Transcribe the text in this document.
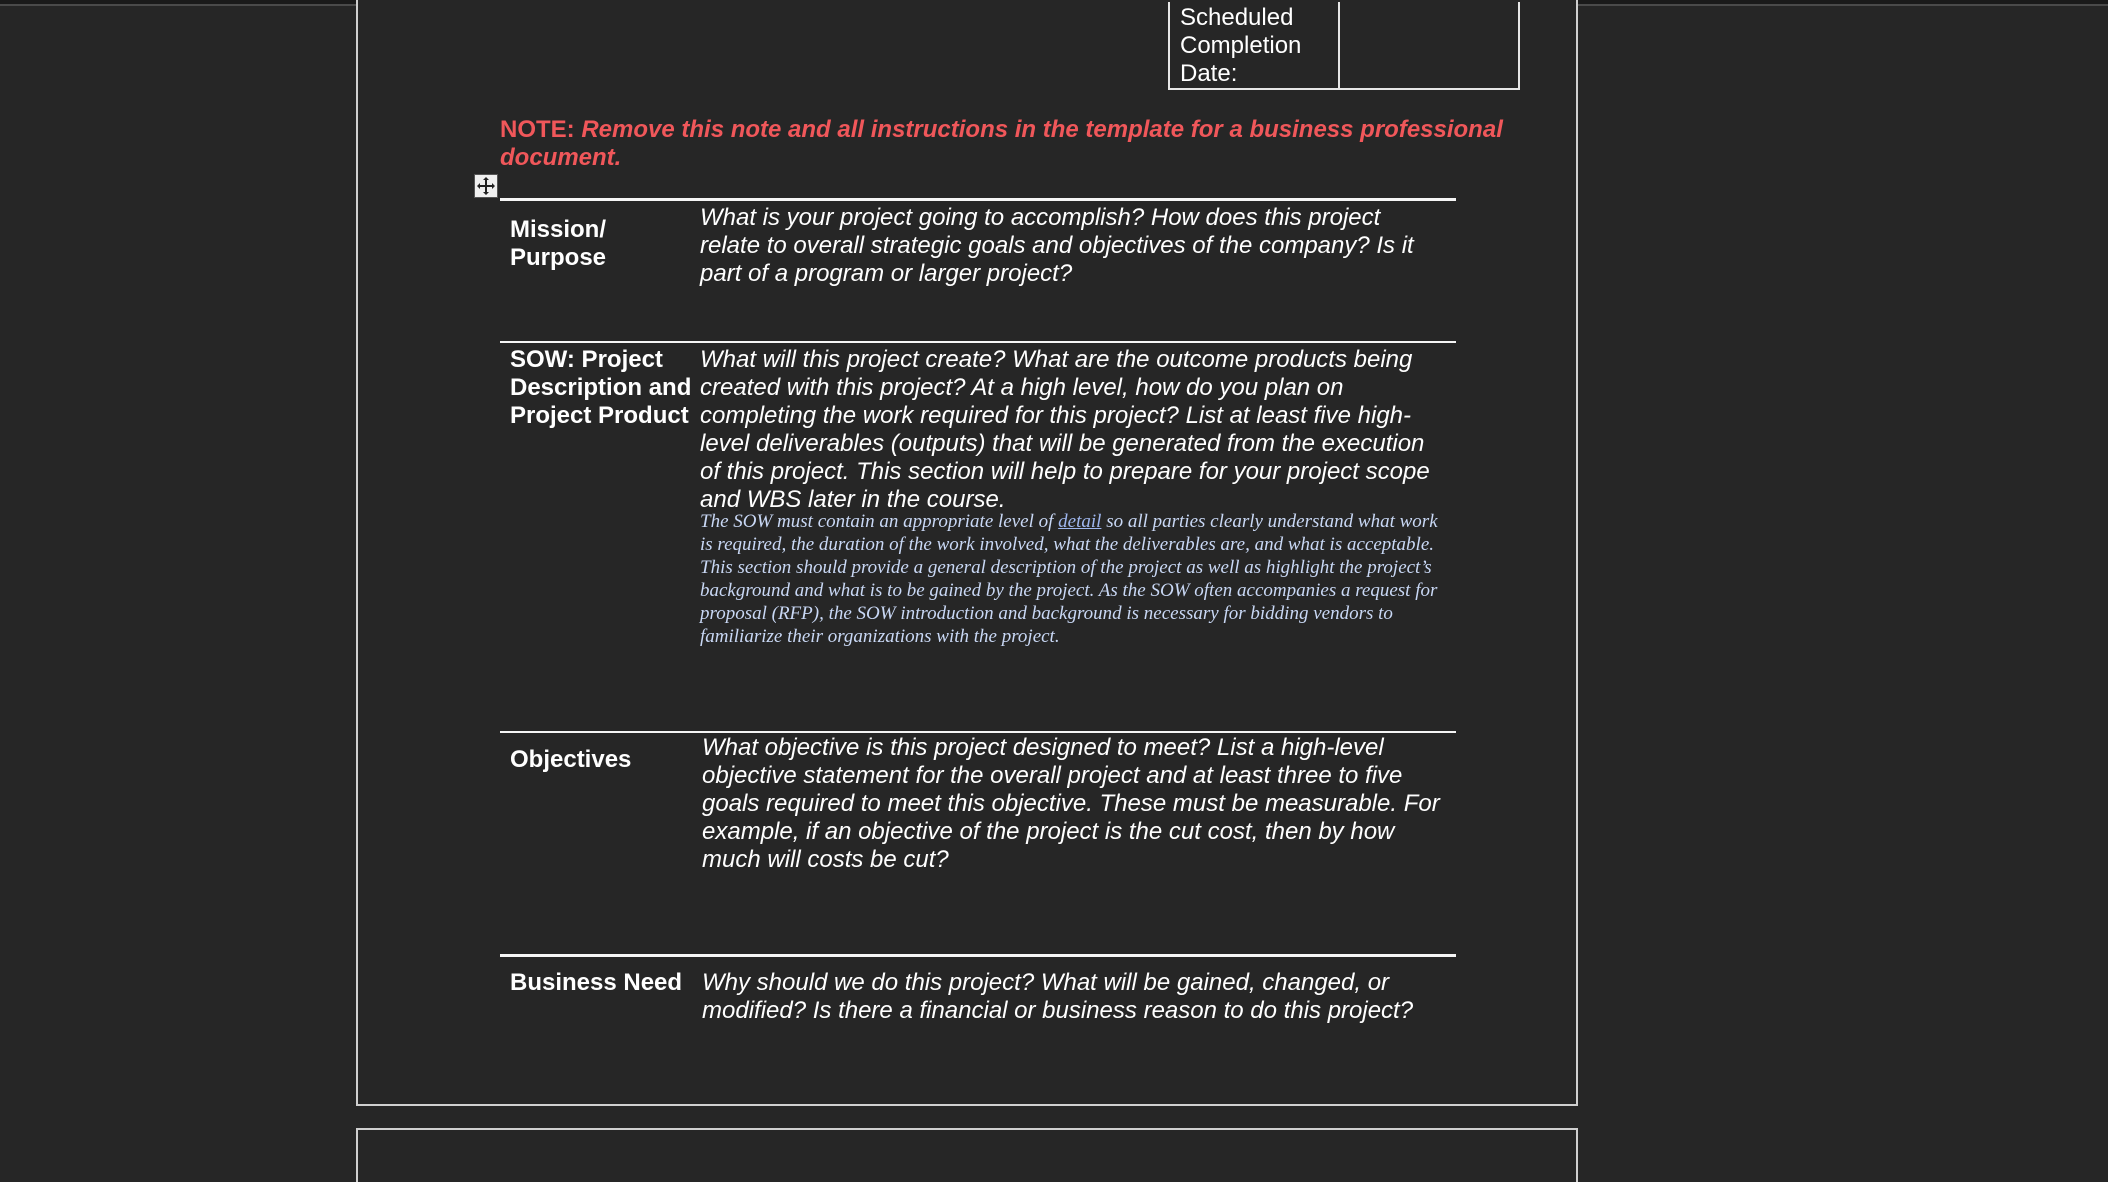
Scheduled
Completion
Date:
NOTE: Remove this note and all instructions in the template for a business professional document.
Mission/ Purpose
What is your project going to accomplish? How does this project relate to overall strategic goals and objectives of the company? Is it part of a program or larger project?
SOW: Project Description and Project Product
What will this project create? What are the outcome products being created with this project? At a high level, how do you plan on completing the work required for this project? List at least five high-level deliverables (outputs) that will be generated from the execution of this project. This section will help to prepare for your project scope and WBS later in the course.
The SOW must contain an appropriate level of detail so all parties clearly understand what work is required, the duration of the work involved, what the deliverables are, and what is acceptable. This section should provide a general description of the project as well as highlight the project’s background and what is to be gained by the project. As the SOW often accompanies a request for proposal (RFP), the SOW introduction and background is necessary for bidding vendors to familiarize their organizations with the project.
Objectives	What objective is this project designed to meet? List a high-level objective statement for the overall project and at least three to five goals required to meet this objective. These must be measurable. For example, if an objective of the project is the cut cost, then by how much will costs be cut?
Business Need Why should we do this project? What will be gained, changed, or modified? Is there a financial or business reason to do this project?
